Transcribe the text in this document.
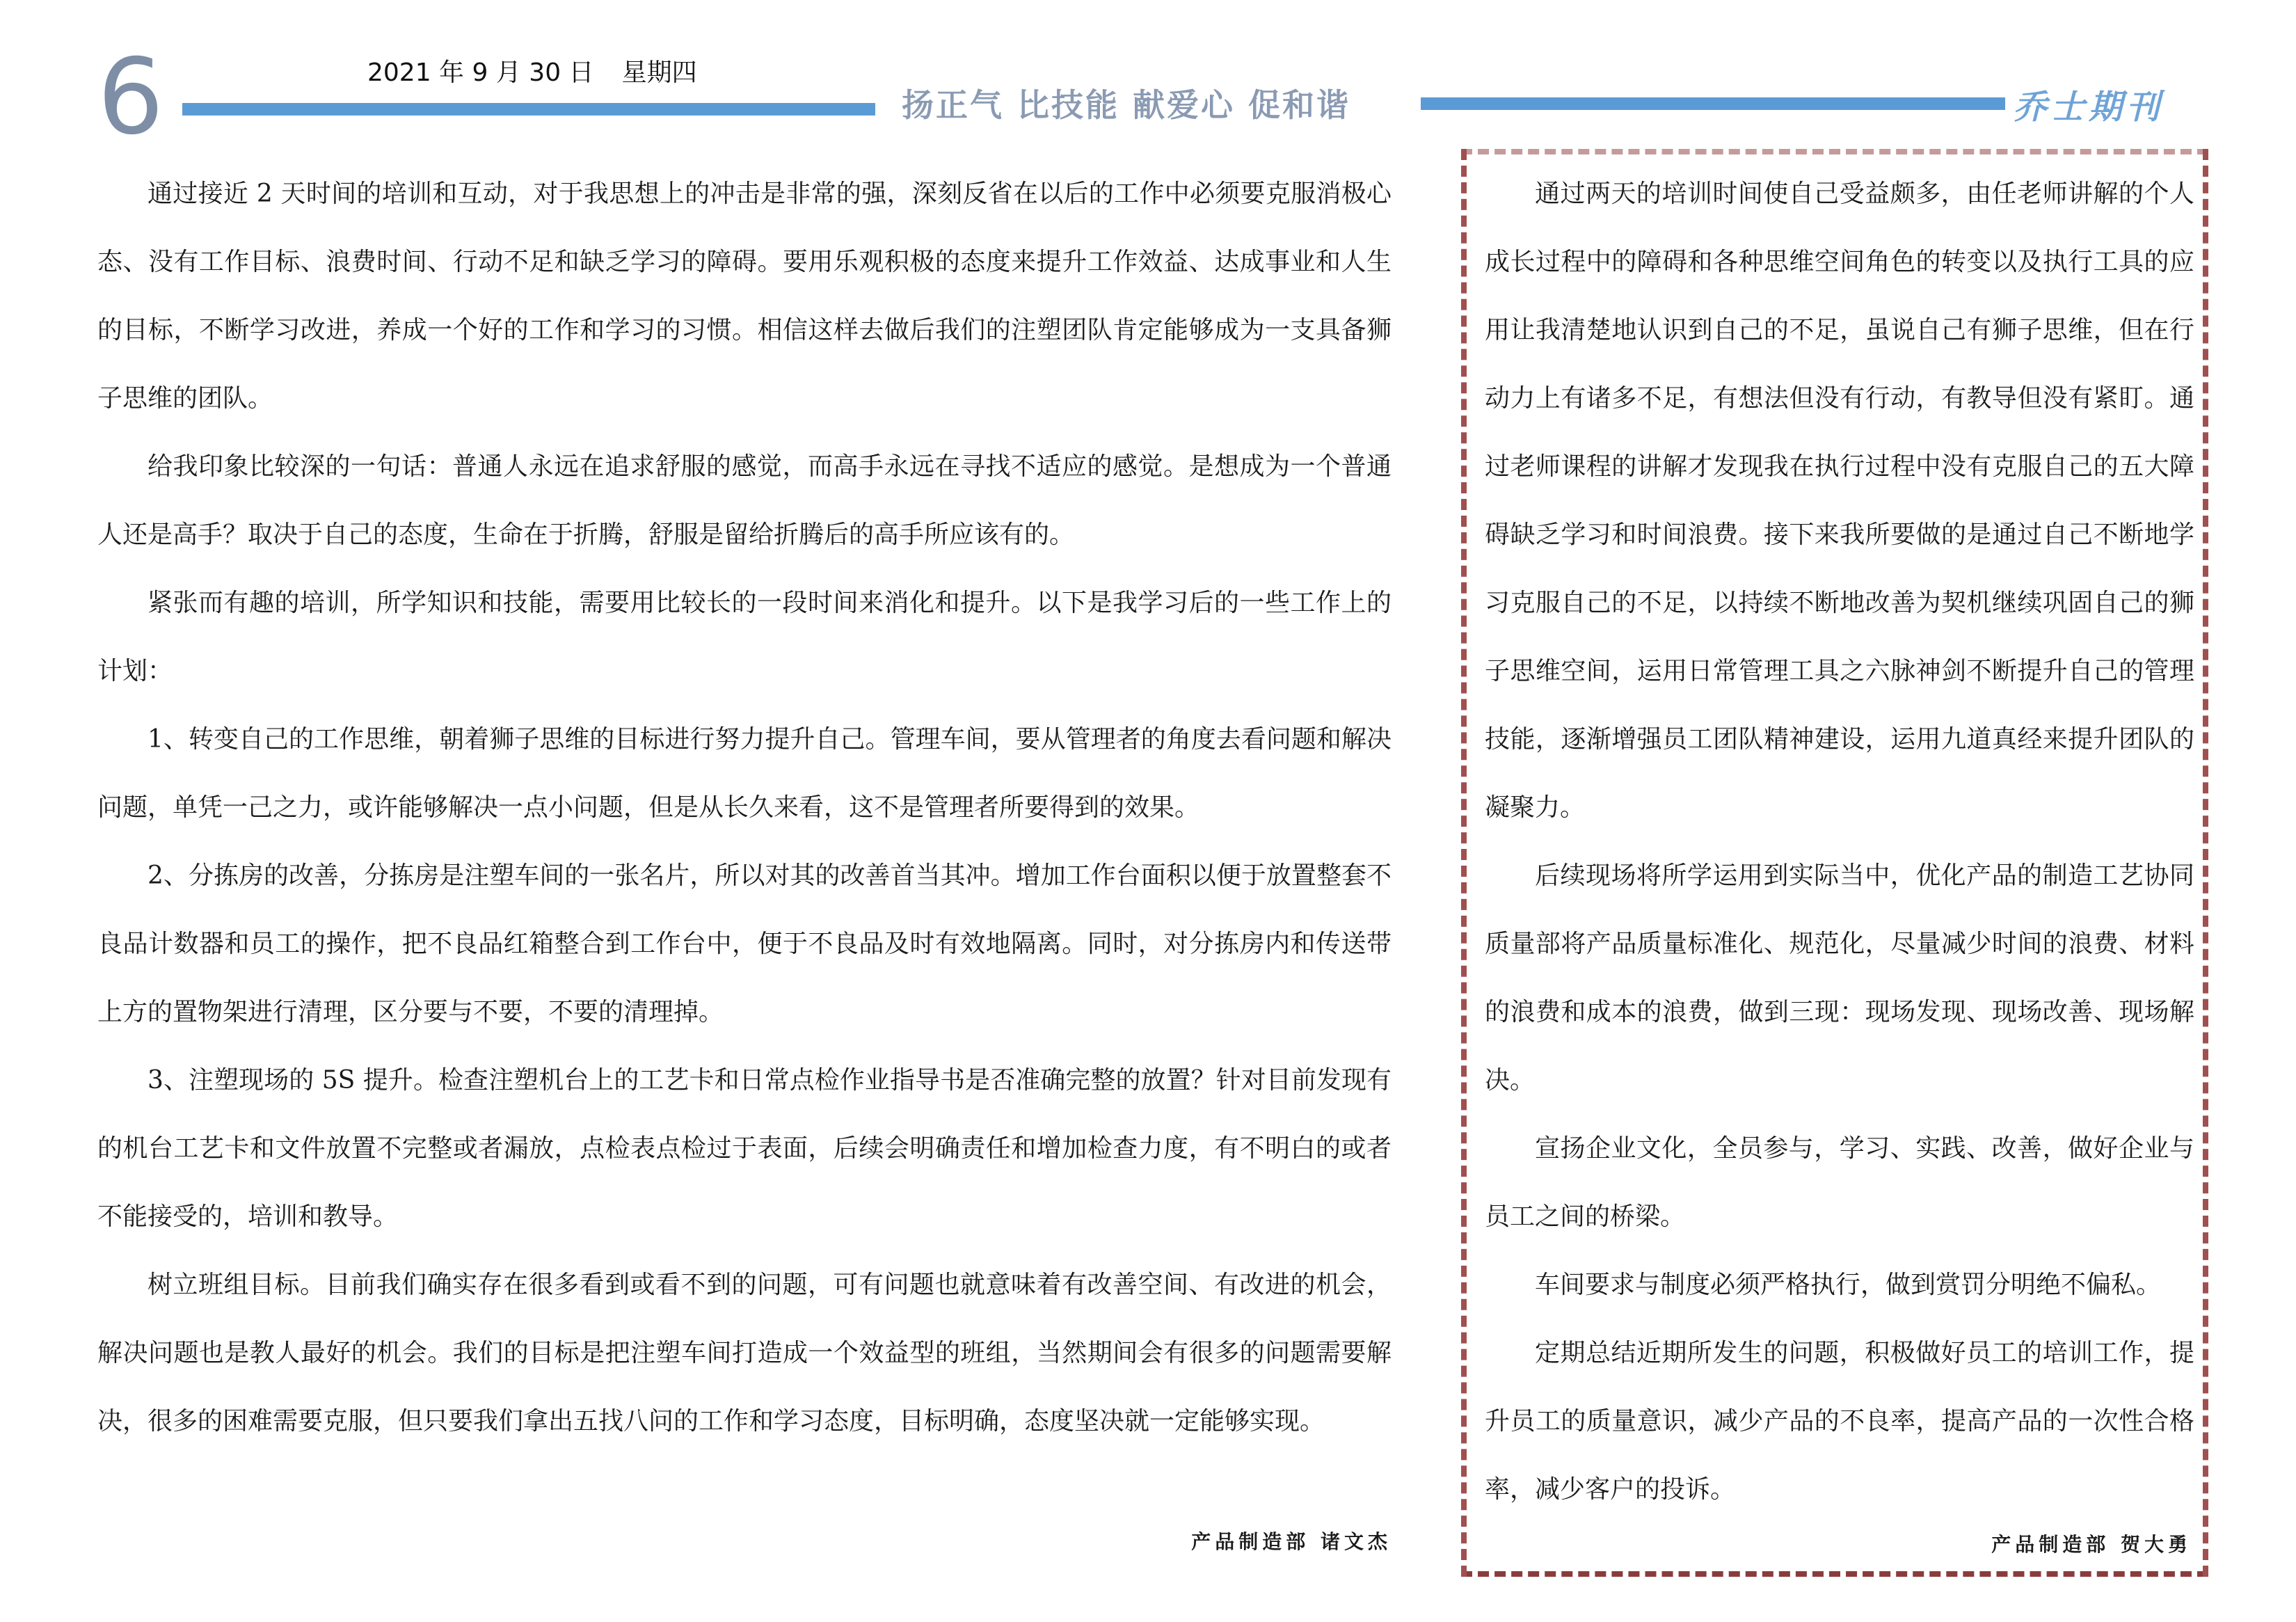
6	2021 年 9 月 30 日 星期四
扬正气 比技能 献爱心 促和谐	乔士期刊

通过接近 2 天时间的培训和互动，对于我思想上的冲击是非常的强，深刻反省在以后的工作中必须要克服消极心态、没有工作目标、浪费时间、行动不足和缺乏学习的障碍。要用乐观积极的态度来提升工作效益、达成事业和人生的目标，不断学习改进，养成一个好的工作和学习的习惯。相信这样去做后我们的注塑团队肯定能够成为一支具备狮子思维的团队。

给我印象比较深的一句话：普通人永远在追求舒服的感觉，而高手永远在寻找不适应的感觉。是想成为一个普通人还是高手？取决于自己的态度，生命在于折腾，舒服是留给折腾后的高手所应该有的。

紧张而有趣的培训，所学知识和技能，需要用比较长的一段时间来消化和提升。以下是我学习后的一些工作上的计划：

1、转变自己的工作思维，朝着狮子思维的目标进行努力提升自己。管理车间，要从管理者的角度去看问题和解决问题，单凭一己之力，或许能够解决一点小问题，但是从长久来看，这不是管理者所要得到的效果。

2、分拣房的改善，分拣房是注塑车间的一张名片，所以对其的改善首当其冲。增加工作台面积以便于放置整套不良品计数器和员工的操作，把不良品红箱整合到工作台中，便于不良品及时有效地隔离。同时，对分拣房内和传送带上方的置物架进行清理，区分要与不要，不要的清理掉。

3、注塑现场的 5S 提升。检查注塑机台上的工艺卡和日常点检作业指导书是否准确完整的放置？针对目前发现有的机台工艺卡和文件放置不完整或者漏放，点检表点检过于表面，后续会明确责任和增加检查力度，有不明白的或者不能接受的，培训和教导。

树立班组目标。目前我们确实存在很多看到或看不到的问题，可有问题也就意味着有改善空间、有改进的机会，解决问题也是教人最好的机会。我们的目标是把注塑车间打造成一个效益型的班组，当然期间会有很多的问题需要解决，很多的困难需要克服，但只要我们拿出五找八问的工作和学习态度，目标明确，态度坚决就一定能够实现。

产品制造部 诸文杰

通过两天的培训时间使自己受益颇多，由任老师讲解的个人成长过程中的障碍和各种思维空间角色的转变以及执行工具的应用让我清楚地认识到自己的不足，虽说自己有狮子思维，但在行动力上有诸多不足，有想法但没有行动，有教导但没有紧盯。通过老师课程的讲解才发现我在执行过程中没有克服自己的五大障碍缺乏学习和时间浪费。接下来我所要做的是通过自己不断地学习克服自己的不足，以持续不断地改善为契机继续巩固自己的狮子思维空间，运用日常管理工具之六脉神剑不断提升自己的管理技能，逐渐增强员工团队精神建设，运用九道真经来提升团队的凝聚力。

后续现场将所学运用到实际当中，优化产品的制造工艺协同质量部将产品质量标准化、规范化，尽量减少时间的浪费、材料的浪费和成本的浪费，做到三现：现场发现、现场改善、现场解决。

宣扬企业文化，全员参与，学习、实践、改善，做好企业与员工之间的桥梁。

车间要求与制度必须严格执行，做到赏罚分明绝不偏私。

定期总结近期所发生的问题，积极做好员工的培训工作，提升员工的质量意识，减少产品的不良率，提高产品的一次性合格率，减少客户的投诉。

产品制造部 贺大勇
